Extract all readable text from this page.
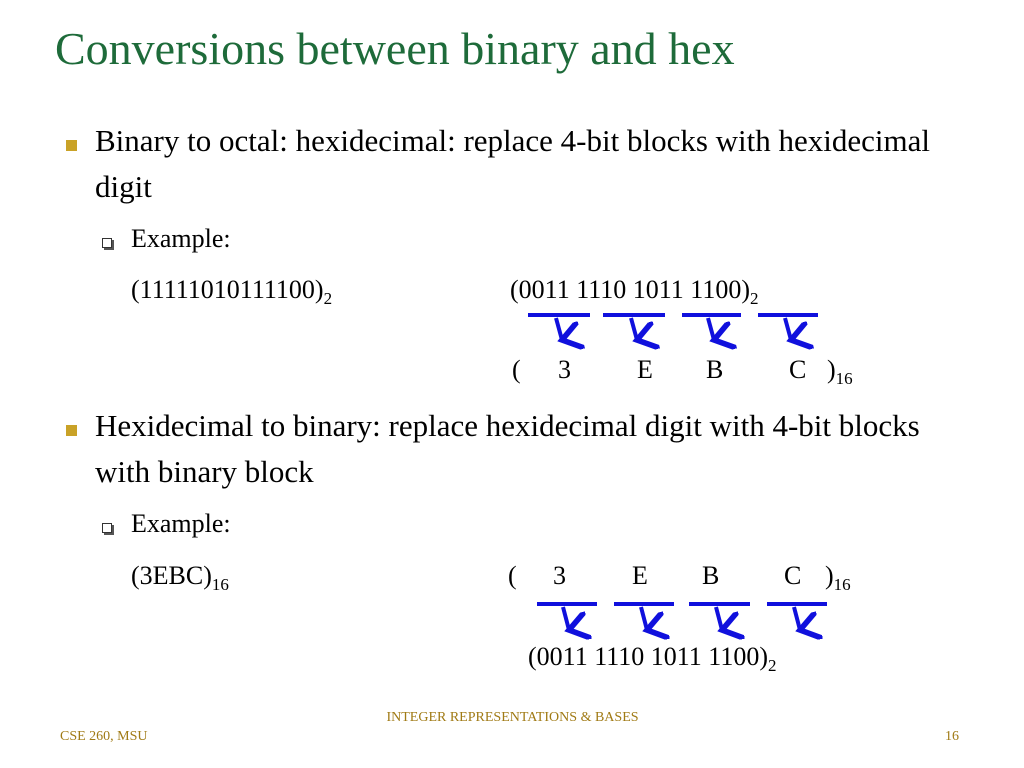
Conversions between binary and hex
Binary to octal: hexidecimal: replace 4-bit blocks with hexidecimal digit
Example:
$(11111010111100)_2$	(0011 1110 1011 $1100)_2$
( 3	E B	C )$_{16}$
Hexidecimal to binary: replace hexidecimal digit with 4-bit blocks with binary block
Example:
$(3EBC)_{16}$	( 3	E B C )$_{16}$
(0011 1110 1011 $1100)_2$
CSE 260, MSU
INTEGER REPRESENTATIONS & BASES
16
